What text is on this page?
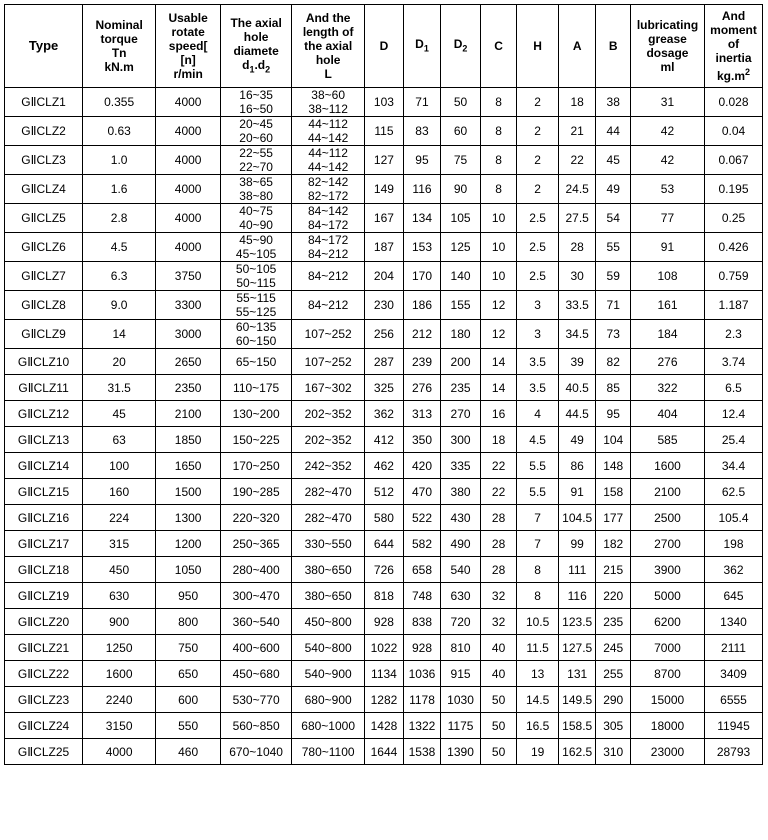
Type	Nominal
torque
Tn
kN.m	Usable
rotate
speed[
[n]
r/min	The axial
hole
diamete
$d_1.d_2$	And the
length of
the axial
hole
L	D	$D_1$	$D_2$	C	H	A	B	lubricating
grease
dosage
ml	And
moment
of
inertia
$kg.m^2$
GⅡCLZ1	0.355	4000	16~35
16~50	38~60
38~112	103	71	50	8	2	18	38	31	0.028
GⅡCLZ2	0.63	4000	20~45
20~60	44~112
44~142	115	83	60	8	2	21	44	42	0.04
GⅡCLZ3	1.0	4000	22~55
22~70	44~112
44~142	127	95	75	8	2	22	45	42	0.067
GⅡCLZ4	1.6	4000	38~65
38~80	82~142
82~172	149	116	90	8	2	24.5	49	53	0.195
GⅡCLZ5	2.8	4000	40~75
40~90	84~142
84~172	167	134	105	10	2.5	27.5	54	77	0.25
GⅡCLZ6	4.5	4000	45~90
45~105	84~172
84~212	187	153	125	10	2.5	28	55	91	0.426
GⅡCLZ7	6.3	3750	50~105
50~115	84~212	204	170	140	10	2.5	30	59	108	0.759
GⅡCLZ8	9.0	3300	55~115
55~125	84~212	230	186	155	12	3	33.5	71	161	1.187
GⅡCLZ9	14	3000	60~135
60~150	107~252	256	212	180	12	3	34.5	73	184	2.3
GⅡCLZ10	20	2650	65~150	107~252	287	239	200	14	3.5	39	82	276	3.74
GⅡCLZ11	31.5	2350	110~175	167~302	325	276	235	14	3.5	40.5	85	322	6.5
GⅡCLZ12	45	2100	130~200	202~352	362	313	270	16	4	44.5	95	404	12.4
GⅡCLZ13	63	1850	150~225	202~352	412	350	300	18	4.5	49	104	585	25.4
GⅡCLZ14	100	1650	170~250	242~352	462	420	335	22	5.5	86	148	1600	34.4
GⅡCLZ15	160	1500	190~285	282~470	512	470	380	22	5.5	91	158	2100	62.5
GⅡCLZ16	224	1300	220~320	282~470	580	522	430	28	7	104.5	177	2500	105.4
GⅡCLZ17	315	1200	250~365	330~550	644	582	490	28	7	99	182	2700	198
GⅡCLZ18	450	1050	280~400	380~650	726	658	540	28	8	111	215	3900	362
GⅡCLZ19	630	950	300~470	380~650	818	748	630	32	8	116	220	5000	645
GⅡCLZ20	900	800	360~540	450~800	928	838	720	32	10.5	123.5	235	6200	1340
GⅡCLZ21	1250	750	400~600	540~800	1022	928	810	40	11.5	127.5	245	7000	2111
GⅡCLZ22	1600	650	450~680	540~900	1134	1036	915	40	13	131	255	8700	3409
GⅡCLZ23	2240	600	530~770	680~900	1282	1178	1030	50	14.5	149.5	290	15000	6555
GⅡCLZ24	3150	550	560~850	680~1000	1428	1322	1175	50	16.5	158.5	305	18000	11945
GⅡCLZ25	4000	460	670~1040	780~1100	1644	1538	1390	50	19	162.5	310	23000	28793
